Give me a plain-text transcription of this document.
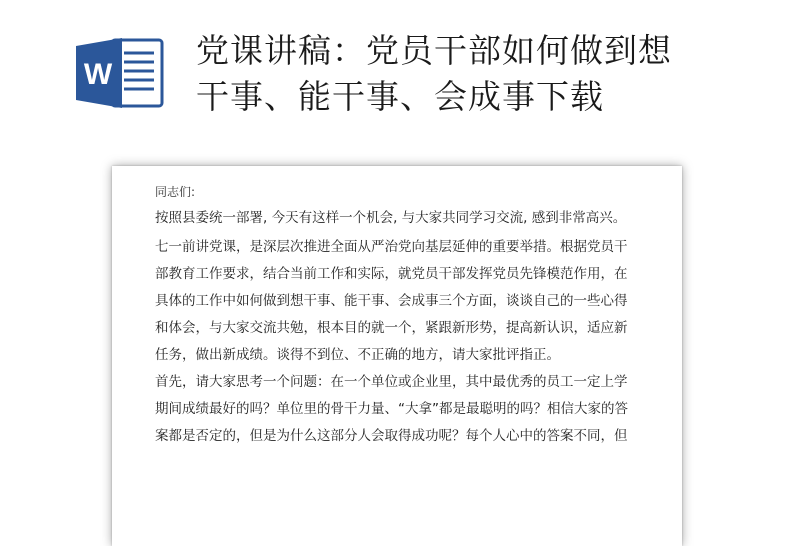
W
党课讲稿：党员干部如何做到想
干事、能干事、会成事下载

同志们:

按照县委统一部署, 今天有这样一个机会, 与大家共同学习交流, 感到非常高兴。

七一前讲党课，是深层次推进全面从严治党向基层延伸的重要举措。根据党员干
部教育工作要求，结合当前工作和实际，就党员干部发挥党员先锋模范作用，在
具体的工作中如何做到想干事、能干事、会成事三个方面，谈谈自己的一些心得
和体会，与大家交流共勉，根本目的就一个，紧跟新形势，提高新认识，适应新
任务，做出新成绩。谈得不到位、不正确的地方，请大家批评指正。

首先，请大家思考一个问题：在一个单位或企业里，其中最优秀的员工一定上学
期间成绩最好的吗？单位里的骨干力量、“大拿”都是最聪明的吗？相信大家的答
案都是否定的，但是为什么这部分人会取得成功呢？每个人心中的答案不同，但
